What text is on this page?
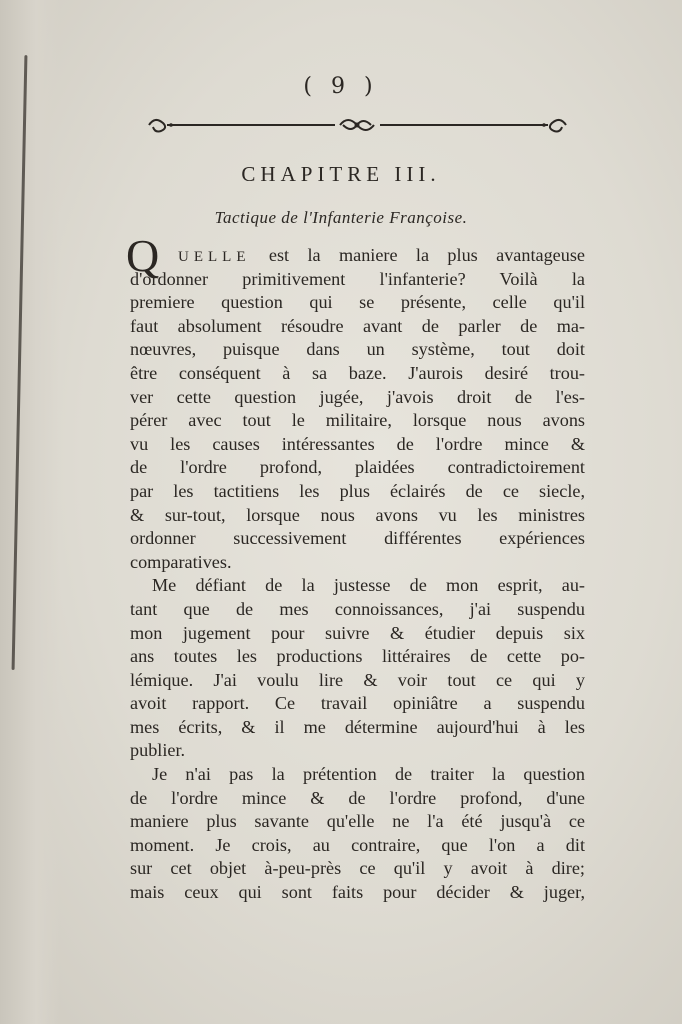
( 9 )
CHAPITRE III.
Tactique de l'Infanterie Françoise.
Q UELLE est la maniere la plus avantageuse
d'ordonner primitivement l'infanterie? Voilà la
premiere question qui se présente, celle qu'il
faut absolument résoudre avant de parler de ma-
nœuvres, puisque dans un système, tout doit
être conséquent à sa baze. J'aurois desiré trou-
ver cette question jugée, j'avois droit de l'es-
pérer avec tout le militaire, lorsque nous avons
vu les causes intéressantes de l'ordre mince &
de l'ordre profond, plaidées contradictoirement
par les tactitiens les plus éclairés de ce siecle,
& sur-tout, lorsque nous avons vu les ministres
ordonner successivement différentes expériences
comparatives.
Me défiant de la justesse de mon esprit, au-
tant que de mes connoissances, j'ai suspendu
mon jugement pour suivre & étudier depuis six
ans toutes les productions littéraires de cette po-
lémique. J'ai voulu lire & voir tout ce qui y
avoit rapport. Ce travail opiniâtre a suspendu
mes écrits, & il me détermine aujourd'hui à les
publier.
Je n'ai pas la prétention de traiter la question
de l'ordre mince & de l'ordre profond, d'une
maniere plus savante qu'elle ne l'a été jusqu'à ce
moment. Je crois, au contraire, que l'on a dit
sur cet objet à-peu-près ce qu'il y avoit à dire;
mais ceux qui sont faits pour décider & juger,
